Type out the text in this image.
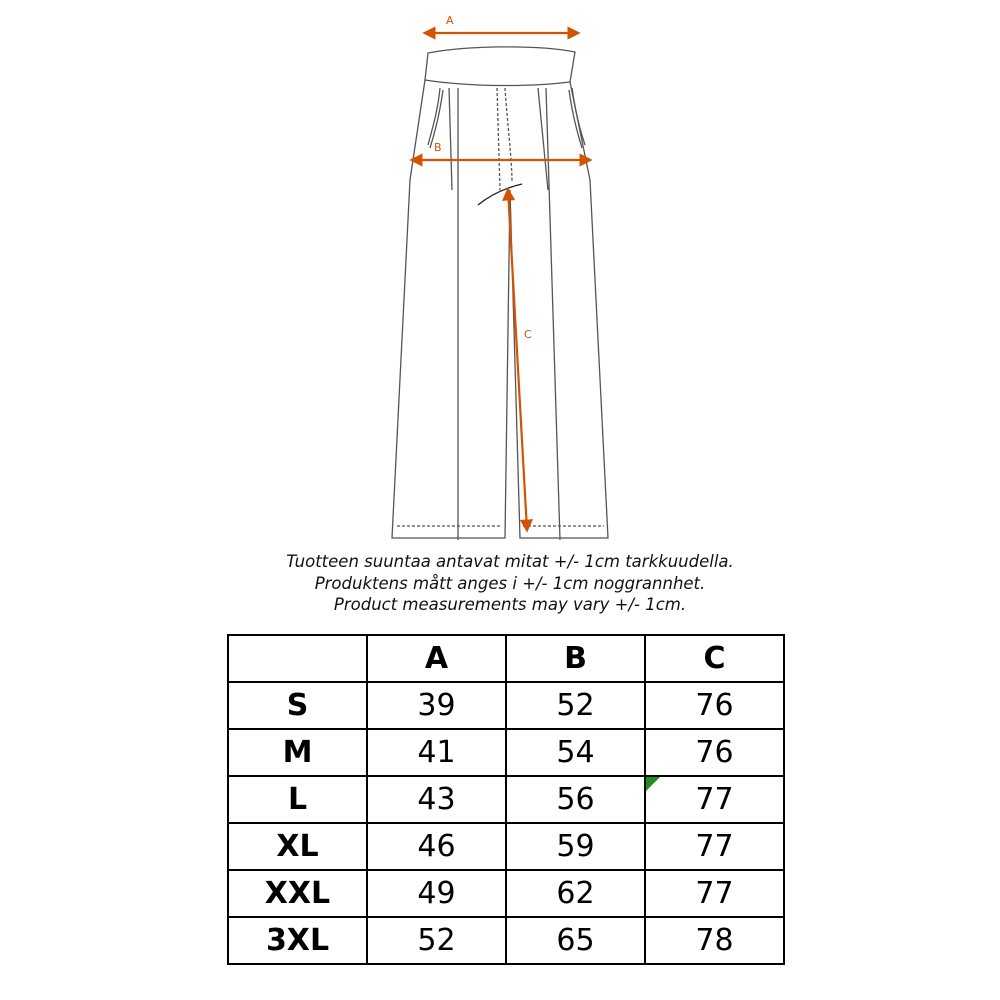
A
B
C
Tuotteen suuntaa antavat mitat +/- 1cm tarkkuudella.
Produktens mått anges i +/- 1cm noggrannhet.
Product measurements may vary +/- 1cm.
	A	B	C
S	39	52	76
M	41	54	76
L	43	56	77
XL	46	59	77
XXL	49	62	77
3XL	52	65	78
